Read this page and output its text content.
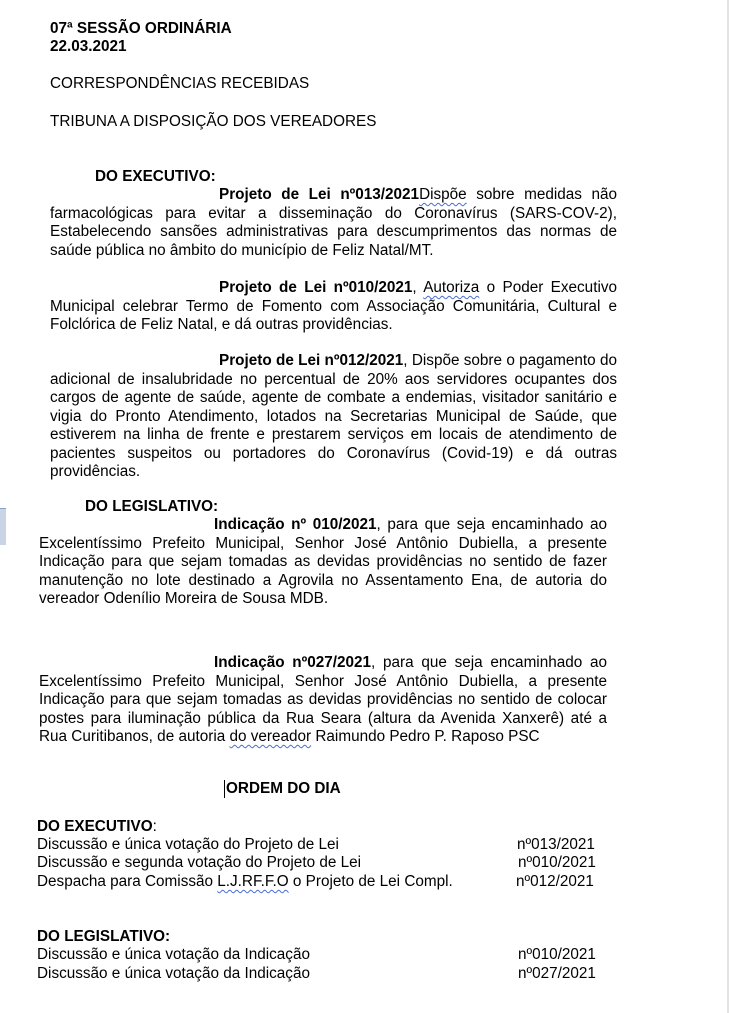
07ª SESSÃO ORDINÁRIA
22.03.2021
CORRESPONDÊNCIAS RECEBIDAS
TRIBUNA A DISPOSIÇÃO DOS VEREADORES
DO EXECUTIVO:
Projeto de Lei nº013/2021Dispõe sobre medidas não farmacológicas para evitar a disseminação do Coronavírus (SARS-COV-2), Estabelecendo sansões administrativas para descumprimentos das normas de saúde pública no âmbito do município de Feliz Natal/MT.
Projeto de Lei nº010/2021, Autoriza o Poder Executivo Municipal celebrar Termo de Fomento com Associação Comunitária, Cultural e Folclórica de Feliz Natal, e dá outras providências.
Projeto de Lei nº012/2021, Dispõe sobre o pagamento do adicional de insalubridade no percentual de 20% aos servidores ocupantes dos cargos de agente de saúde, agente de combate a endemias, visitador sanitário e vigia do Pronto Atendimento, lotados na Secretarias Municipal de Saúde, que estiverem na linha de frente e prestarem serviços em locais de atendimento de pacientes suspeitos ou portadores do Coronavírus (Covid-19) e dá outras providências.
DO LEGISLATIVO:
Indicação nº 010/2021, para que seja encaminhado ao Excelentíssimo Prefeito Municipal, Senhor José Antônio Dubiella, a presente Indicação para que sejam tomadas as devidas providências no sentido de fazer manutenção no lote destinado a Agrovila no Assentamento Ena, de autoria do vereador Odenílio Moreira de Sousa MDB.
Indicação nº027/2021, para que seja encaminhado ao Excelentíssimo Prefeito Municipal, Senhor José Antônio Dubiella, a presente Indicação para que sejam tomadas as devidas providências no sentido de colocar postes para iluminação pública da Rua Seara (altura da Avenida Xanxerê) até a Rua Curitibanos, de autoria do vereador Raimundo Pedro P. Raposo PSC
ORDEM DO DIA
DO EXECUTIVO:
Discussão e única votação do Projeto de Lei	nº013/2021
Discussão e segunda votação do Projeto de Lei	nº010/2021
Despacha para Comissão L.J.RF.F.O o Projeto de Lei Compl.	nº012/2021
DO LEGISLATIVO:
Discussão e única votação da Indicação	nº010/2021
Discussão e única votação da Indicação	nº027/2021
